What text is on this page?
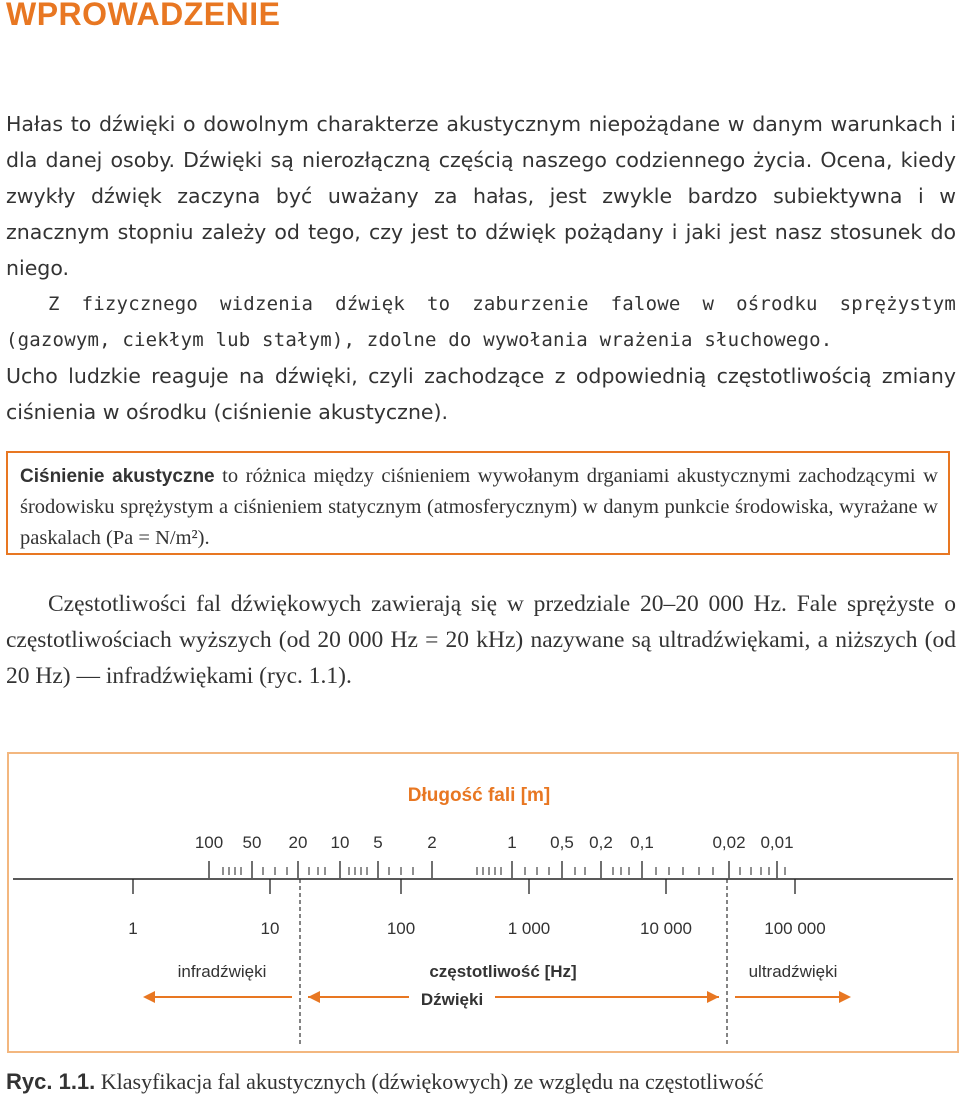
WPROWADZENIE

Hałas to dźwięki o dowolnym charakterze akustycznym niepożądane w danym warunkach i dla danej osoby. Dźwięki są nierozłączną częścią naszego codziennego życia. Ocena, kiedy zwykły dźwięk zaczyna być uważany za hałas, jest zwykle bardzo subiektywna i w znacznym stopniu zależy od tego, czy jest to dźwięk pożądany i jaki jest nasz stosunek do niego.

Z fizycznego widzenia dźwięk to zaburzenie falowe w ośrodku sprężystym (gazowym, ciekłym lub stałym), zdolne do wywołania wrażenia słuchowego.

Ucho ludzkie reaguje na dźwięki, czyli zachodzące z odpowiednią częstotliwością zmiany ciśnienia w ośrodku (ciśnienie akustyczne).

Ciśnienie akustyczne to różnica między ciśnieniem wywołanym drganiami akustycznymi zachodzącymi w środowisku sprężystym a ciśnieniem statycznym (atmosferycznym) w danym punkcie środowiska, wyrażane w paskalach (Pa = N/m²).
Częstotliwości fal dźwiękowych zawierają się w przedziale 20–20 000 Hz. Fale sprężyste o częstotliwościach wyższych (od 20 000 Hz = 20 kHz) nazywane są ultradźwiękami, a niższych (od 20 Hz) — infradźwiękami (ryc. 1.1).
Długość fali [m]
100 50 20 10 5	2	1 0,5 0,2 0,1	0,02 0,01
1	10	100	1 000	10 000	100 000
infradźwięki	częstotliwość [Hz]	ultradźwięki
Dźwięki
Ryc. 1.1. Klasyfikacja fal akustycznych (dźwiękowych) ze względu na częstotliwość
